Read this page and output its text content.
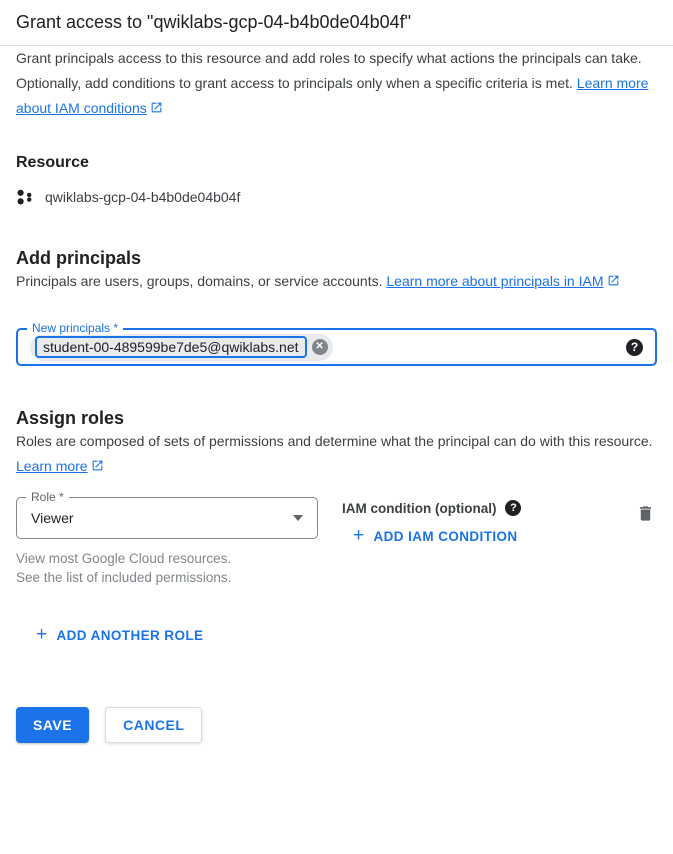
Grant access to "qwiklabs-gcp-04-b4b0de04b04f"

Grant principals access to this resource and add roles to specify what actions the principals can take. Optionally, add conditions to grant access to principals only when a specific criteria is met. Learn more about IAM conditions

Resource
qwiklabs-gcp-04-b4b0de04b04f
Add principals

Principals are users, groups, domains, or service accounts. Learn more about principals in IAM

New principals *
student-00-489599be7de5@qwiklabs.net	✕	?
Assign roles

Roles are composed of sets of permissions and determine what the principal can do with this resource. Learn more

Role *
Viewer
View most Google Cloud resources.
See the list of included permissions.
IAM condition (optional)	?
+ ADD IAM CONDITION
+ ADD ANOTHER ROLE
SAVE	CANCEL
